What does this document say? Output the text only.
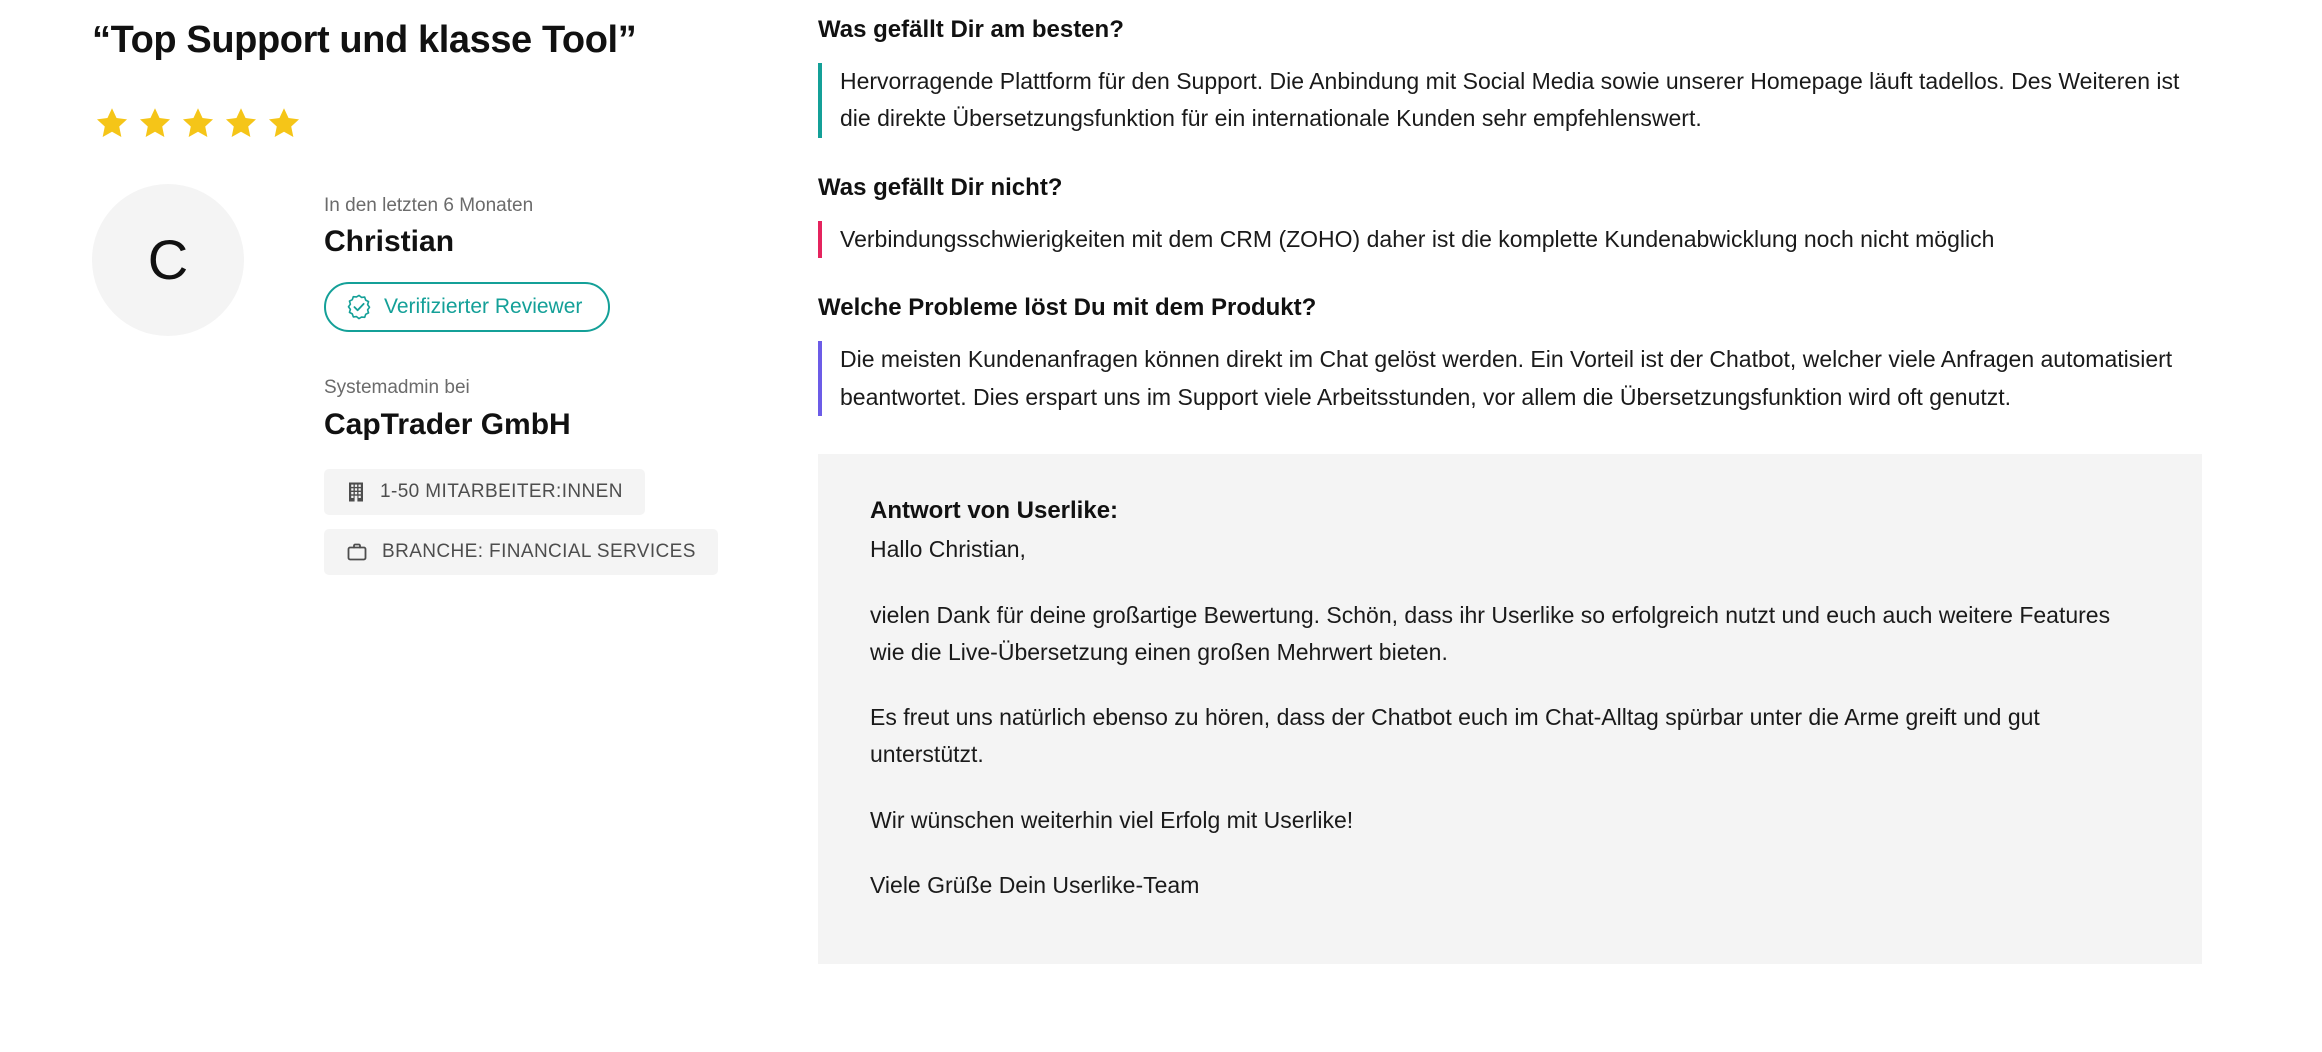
“Top Support und klasse Tool”
C

In den letzten 6 Monaten

Christian

Verifizierter Reviewer

Systemadmin bei

CapTrader GmbH

1-50 MITARBEITER:INNEN
BRANCHE: FINANCIAL SERVICES
Was gefällt Dir am besten?
Hervorragende Plattform für den Support. Die Anbindung mit Social Media sowie unserer Homepage läuft tadellos. Des Weiteren ist die direkte Übersetzungsfunktion für ein internationale Kunden sehr empfehlenswert.
Was gefällt Dir nicht?
Verbindungsschwierigkeiten mit dem CRM (ZOHO) daher ist die komplette Kundenabwicklung noch nicht möglich
Welche Probleme löst Du mit dem Produkt?
Die meisten Kundenanfragen können direkt im Chat gelöst werden. Ein Vorteil ist der Chatbot, welcher viele Anfragen automatisiert beantwortet. Dies erspart uns im Support viele Arbeitsstunden, vor allem die Übersetzungsfunktion wird oft genutzt.

Antwort von Userlike:

Hallo Christian,

vielen Dank für deine großartige Bewertung. Schön, dass ihr Userlike so erfolgreich nutzt und euch auch weitere Features wie die Live-Übersetzung einen großen Mehrwert bieten.

Es freut uns natürlich ebenso zu hören, dass der Chatbot euch im Chat-Alltag spürbar unter die Arme greift und gut unterstützt.

Wir wünschen weiterhin viel Erfolg mit Userlike!

Viele Grüße Dein Userlike-Team
